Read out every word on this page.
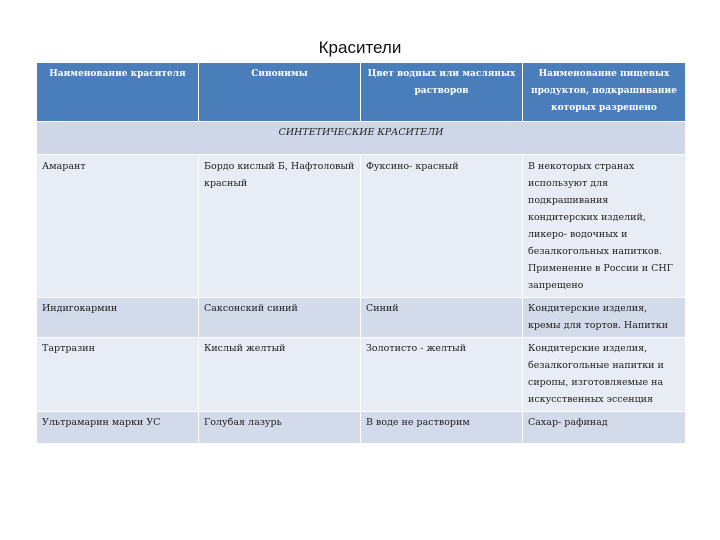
Красители
Наименование красителя	Синонимы	Цвет водных или масляных растворов	Наименование пищевых продуктов, подкрашивание которых разрешено
СИНТЕТИЧЕСКИЕ КРАСИТЕЛИ			
Амарант	Бордо кислый Б, Нафтоловый красный	Фуксино- красный	В некоторых странах используют для подкрашивания кондитерских изделий, ликеро- водочных и безалкогольных напитков. Применение в России и СНГ запрещено
Индигокармин	Саксонский синий	Синий	Кондитерские изделия, кремы для тортов. Напитки
Тартразин	Кислый желтый	Золотисто - желтый	Кондитерские изделия, безалкогольные напитки и сиропы, изготовляемые на искусственных эссенция
Ультрамарин марки УС	Голубая лазурь	В воде не растворим	Сахар- рафинад
